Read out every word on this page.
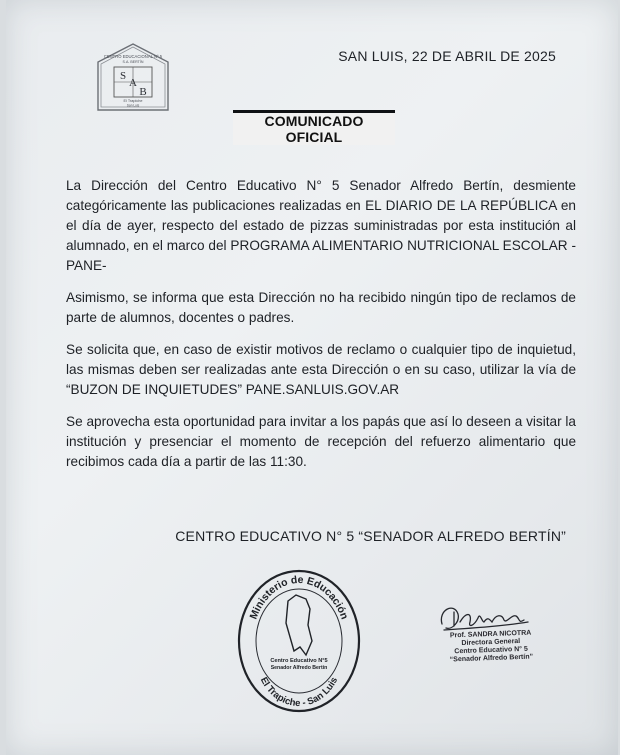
CENTRO EDUCACIONAL N° 5
S.A. BERTÍN
S
A
B
El Trapiche
San Luis
SAN LUIS, 22 DE ABRIL DE 2025
COMUNICADO OFICIAL

La Dirección del Centro Educativo N° 5 Senador Alfredo Bertín, desmiente categóricamente las publicaciones realizadas en EL DIARIO DE LA REPÚBLICA en el día de ayer, respecto del estado de pizzas suministradas por esta institución al alumnado, en el marco del PROGRAMA ALIMENTARIO NUTRICIONAL ESCOLAR -PANE-

Asimismo, se informa que esta Dirección no ha recibido ningún tipo de reclamos de parte de alumnos, docentes o padres.

Se solicita que, en caso de existir motivos de reclamo o cualquier tipo de inquietud, las mismas deben ser realizadas ante esta Dirección o en su caso, utilizar la vía de “BUZON DE INQUIETUDES” PANE.SANLUIS.GOV.AR

Se aprovecha esta oportunidad para invitar a los papás que así lo deseen a visitar la institución y presenciar el momento de recepción del refuerzo alimentario que recibimos cada día a partir de las 11:30.

CENTRO EDUCATIVO N° 5 “SENADOR ALFREDO BERTÍN”
Ministerio de Educación
El Trapiche - San Luis
Centro Educativo N°5
Senador Alfredo Bertín
Prof. SANDRA NICOTRA
Directora General
Centro Educativo N° 5
“Senador Alfredo Bertín”
